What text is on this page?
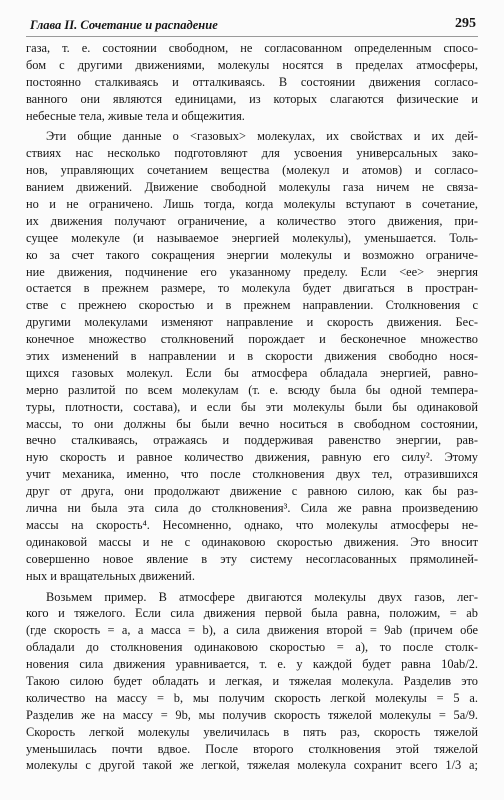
Глава II. Сочетание и распадение	295
газа, т. е. состоянии свободном, не согласованном определенным спосо-
бом с другими движениями, молекулы носятся в пределах атмосферы,
постоянно сталкиваясь и отталкиваясь. В состоянии движения согласо-
ванного они являются единицами, из которых слагаются физические и
небесные тела, живые тела и общежития.
Эти общие данные о <газовых> молекулах, их свойствах и их дей-
ствиях нас несколько подготовляют для усвоения универсальных зако-
нов, управляющих сочетанием вещества (молекул и атомов) и согласо-
ванием движений. Движение свободной молекулы газа ничем не связа-
но и не ограничено. Лишь тогда, когда молекулы вступают в сочетание,
их движения получают ограничение, а количество этого движения, при-
сущее молекуле (и называемое энергией молекулы), уменьшается. Толь-
ко за счет такого сокращения энергии молекулы и возможно ограниче-
ние движения, подчинение его указанному пределу. Если <ее> энергия
остается в прежнем размере, то молекула будет двигаться в простран-
стве с прежнею скоростью и в прежнем направлении. Столкновения с
другими молекулами изменяют направление и скорость движения. Бес-
конечное множество столкновений порождает и бесконечное множество
этих изменений в направлении и в скорости движения свободно нося-
щихся газовых молекул. Если бы атмосфера обладала энергией, равно-
мерно разлитой по всем молекулам (т. е. всюду была бы одной темпера-
туры, плотности, состава), и если бы эти молекулы были бы одинаковой
массы, то они должны бы были вечно носиться в свободном состоянии,
вечно сталкиваясь, отражаясь и поддерживая равенство энергии, рав-
ную скорость и равное количество движения, равную его силу². Этому
учит механика, именно, что после столкновения двух тел, отразившихся
друг от друга, они продолжают движение с равною силою, как бы раз-
лична ни была эта сила до столкновения³. Сила же равна произведению
массы на скорость⁴. Несомненно, однако, что молекулы атмосферы не-
одинаковой массы и не с одинаковою скоростью движения. Это вносит
совершенно новое явление в эту систему несогласованных прямолиней-
ных и вращательных движений.
Возьмем пример. В атмосфере двигаются молекулы двух газов, лег-
кого и тяжелого. Если сила движения первой была равна, положим, = ab
(где скорость = a, а масса = b), а сила движения второй = 9ab (причем обе
обладали до столкновения одинаковою скоростью = a), то после столк-
новения сила движения уравнивается, т. е. у каждой будет равна 10ab/2.
Такою силою будет обладать и легкая, и тяжелая молекула. Разделив это
количество на массу = b, мы получим скорость легкой молекулы = 5 a.
Разделив же на массу = 9b, мы получив скорость тяжелой молекулы = 5a/9.
Скорость легкой молекулы увеличилась в пять раз, скорость тяжелой
уменьшилась почти вдвое. После второго столкновения этой тяжелой
молекулы с другой такой же легкой, тяжелая молекула сохранит всего 1/3 a;
